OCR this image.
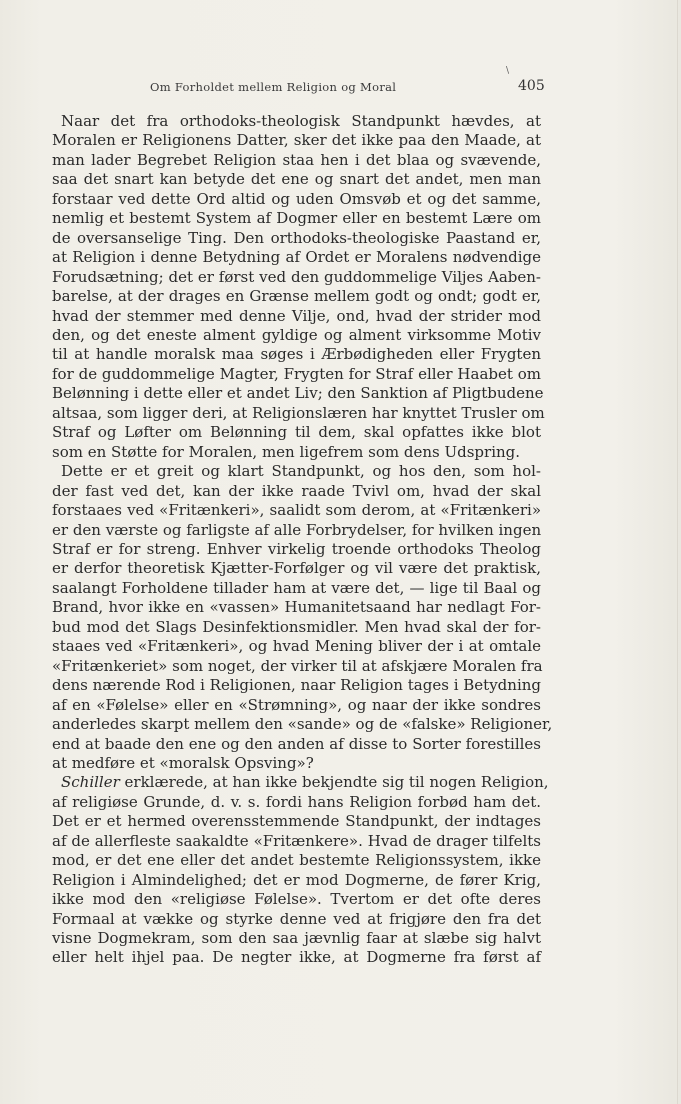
\
Om Forholdet mellem Religion og Moral	405
Naar det fra orthodoks-theologisk Standpunkt hævdes, at
Moralen er Religionens Datter, sker det ikke paa den Maade, at
man lader Begrebet Religion staa hen i det blaa og svævende,
saa det snart kan betyde det ene og snart det andet, men man
forstaar ved dette Ord altid og uden Omsvøb et og det samme,
nemlig et bestemt System af Dogmer eller en bestemt Lære om
de oversanselige Ting. Den orthodoks-theologiske Paastand er,
at Religion i denne Betydning af Ordet er Moralens nødvendige
Forudsætning; det er først ved den guddommelige Viljes Aaben-
barelse, at der drages en Grænse mellem godt og ondt; godt er,
hvad der stemmer med denne Vilje, ond, hvad der strider mod
den, og det eneste alment gyldige og alment virksomme Motiv
til at handle moralsk maa søges i Ærbødigheden eller Frygten
for de guddommelige Magter, Frygten for Straf eller Haabet om
Belønning i dette eller et andet Liv; den Sanktion af Pligtbudene
altsaa, som ligger deri, at Religionslæren har knyttet Trusler om
Straf og Løfter om Belønning til dem, skal opfattes ikke blot
som en Støtte for Moralen, men ligefrem som dens Udspring.
Dette er et greit og klart Standpunkt, og hos den, som hol-
der fast ved det, kan der ikke raade Tvivl om, hvad der skal
forstaaes ved «Fritænkeri», saalidt som derom, at «Fritænkeri»
er den værste og farligste af alle Forbrydelser, for hvilken ingen
Straf er for streng. Enhver virkelig troende orthodoks Theolog
er derfor theoretisk Kjætter-Forfølger og vil være det praktisk,
saalangt Forholdene tillader ham at være det, — lige til Baal og
Brand, hvor ikke en «vassen» Humanitetsaand har nedlagt For-
bud mod det Slags Desinfektionsmidler. Men hvad skal der for-
staaes ved «Fritænkeri», og hvad Mening bliver der i at omtale
«Fritænkeriet» som noget, der virker til at afskjære Moralen fra
dens nærende Rod i Religionen, naar Religion tages i Betydning
af en «Følelse» eller en «Strømning», og naar der ikke sondres
anderledes skarpt mellem den «sande» og de «falske» Religioner,
end at baade den ene og den anden af disse to Sorter forestilles
at medføre et «moralsk Opsving»?
Schiller erklærede, at han ikke bekjendte sig til nogen Religion,
af religiøse Grunde, d. v. s. fordi hans Religion forbød ham det.
Det er et hermed overensstemmende Standpunkt, der indtages
af de allerfleste saakaldte «Fritænkere». Hvad de drager tilfelts
mod, er det ene eller det andet bestemte Religionssystem, ikke
Religion i Almindelighed; det er mod Dogmerne, de fører Krig,
ikke mod den «religiøse Følelse». Tvertom er det ofte deres
Formaal at vække og styrke denne ved at frigjøre den fra det
visne Dogmekram, som den saa jævnlig faar at slæbe sig halvt
eller helt ihjel paa. De negter ikke, at Dogmerne fra først af
